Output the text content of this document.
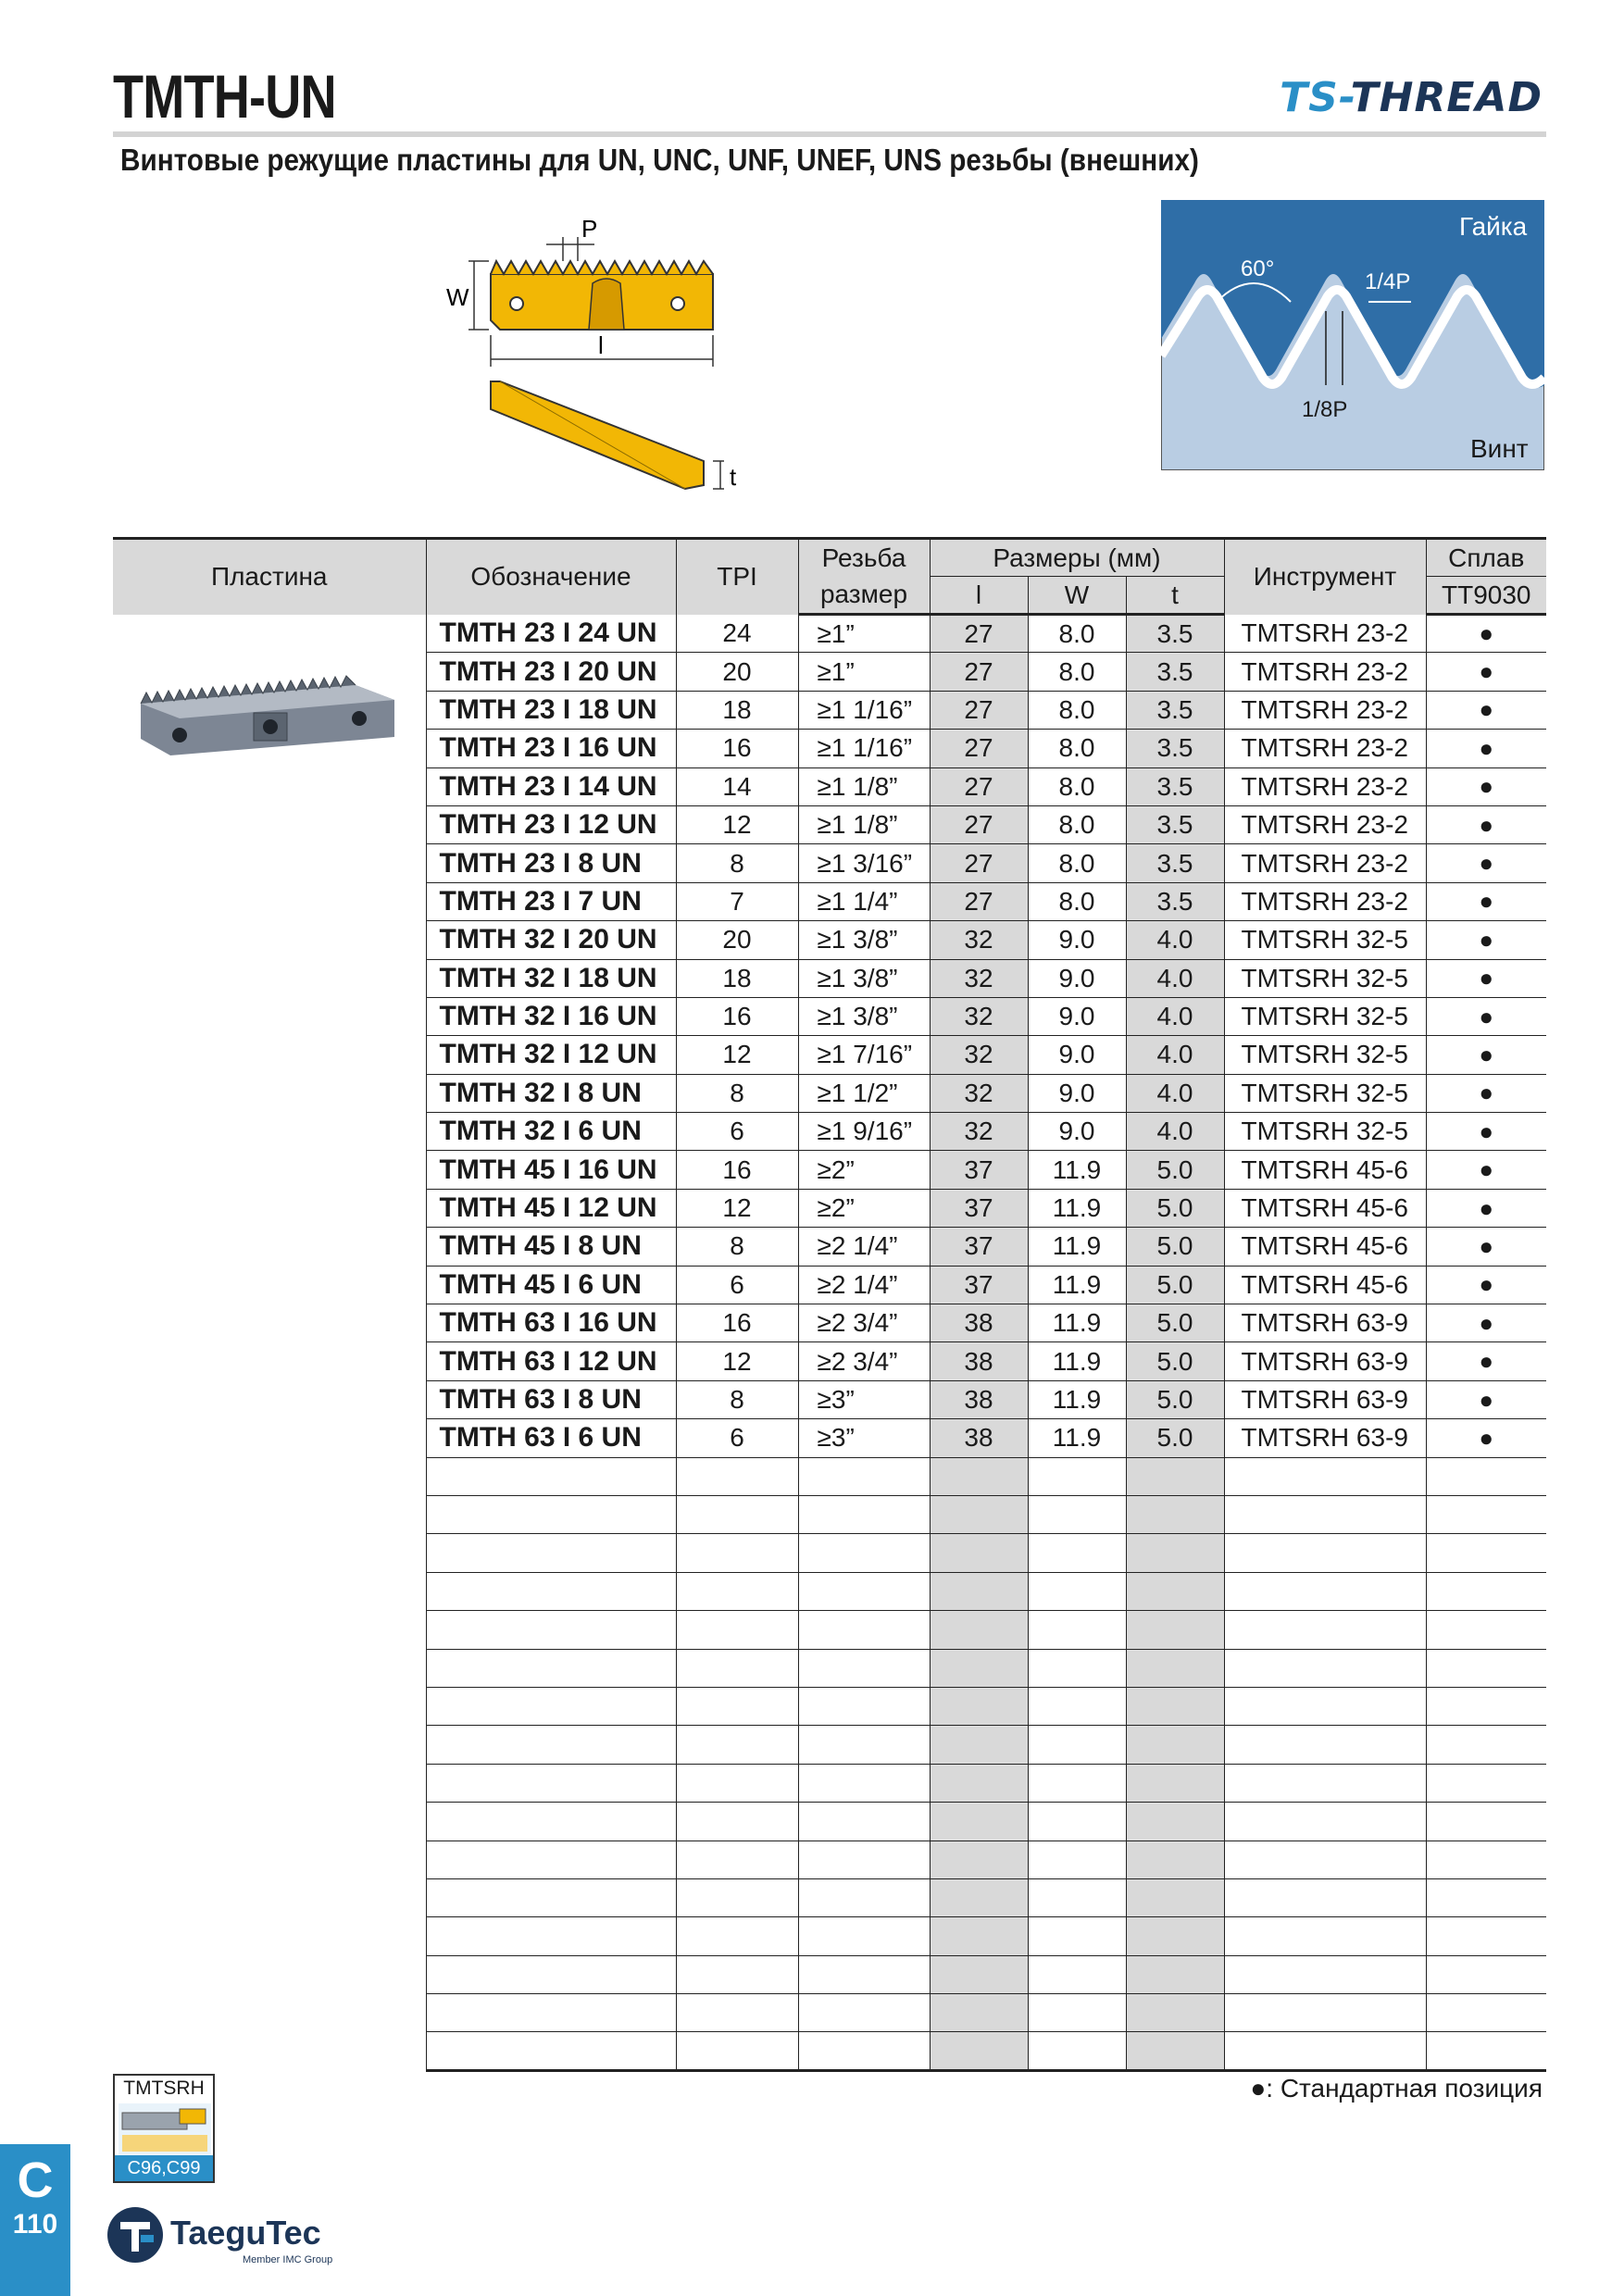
TMTH-UN	TS-THREAD
Винтовые режущие пластины для UN, UNC, UNF, UNEF, UNS резьбы (внешних)
P
W
l
t
Гайка
Винт
60°
1/4P
1/8P
Пластина	Обозначение	TPI	Резьба	Размеры (мм)			Инструмент	Сплав
			размер	l	W	t		TT9030
	TMTH 23 I 24 UN	24	≥1”	27	8.0	3.5	TMTSRH 23-2	●
	TMTH 23 I 20 UN	20	≥1”	27	8.0	3.5	TMTSRH 23-2	●
	TMTH 23 I 18 UN	18	≥1 1/16”	27	8.0	3.5	TMTSRH 23-2	●
	TMTH 23 I 16 UN	16	≥1 1/16”	27	8.0	3.5	TMTSRH 23-2	●
	TMTH 23 I 14 UN	14	≥1 1/8”	27	8.0	3.5	TMTSRH 23-2	●
	TMTH 23 I 12 UN	12	≥1 1/8”	27	8.0	3.5	TMTSRH 23-2	●
	TMTH 23 I 8 UN	8	≥1 3/16”	27	8.0	3.5	TMTSRH 23-2	●
	TMTH 23 I 7 UN	7	≥1 1/4”	27	8.0	3.5	TMTSRH 23-2	●
	TMTH 32 I 20 UN	20	≥1 3/8”	32	9.0	4.0	TMTSRH 32-5	●
	TMTH 32 I 18 UN	18	≥1 3/8”	32	9.0	4.0	TMTSRH 32-5	●
	TMTH 32 I 16 UN	16	≥1 3/8”	32	9.0	4.0	TMTSRH 32-5	●
	TMTH 32 I 12 UN	12	≥1 7/16”	32	9.0	4.0	TMTSRH 32-5	●
	TMTH 32 I 8 UN	8	≥1 1/2”	32	9.0	4.0	TMTSRH 32-5	●
	TMTH 32 I 6 UN	6	≥1 9/16”	32	9.0	4.0	TMTSRH 32-5	●
	TMTH 45 I 16 UN	16	≥2”	37	11.9	5.0	TMTSRH 45-6	●
	TMTH 45 I 12 UN	12	≥2”	37	11.9	5.0	TMTSRH 45-6	●
	TMTH 45 I 8 UN	8	≥2 1/4”	37	11.9	5.0	TMTSRH 45-6	●
	TMTH 45 I 6 UN	6	≥2 1/4”	37	11.9	5.0	TMTSRH 45-6	●
	TMTH 63 I 16 UN	16	≥2 3/4”	38	11.9	5.0	TMTSRH 63-9	●
	TMTH 63 I 12 UN	12	≥2 3/4”	38	11.9	5.0	TMTSRH 63-9	●
	TMTH 63 I 8 UN	8	≥3”	38	11.9	5.0	TMTSRH 63-9	●
	TMTH 63 I 6 UN	6	≥3”	38	11.9	5.0	TMTSRH 63-9	●

TMTSRH
C96,C99
●: Стандартная позиция
C
110	TaeguTec
Member IMC Group
